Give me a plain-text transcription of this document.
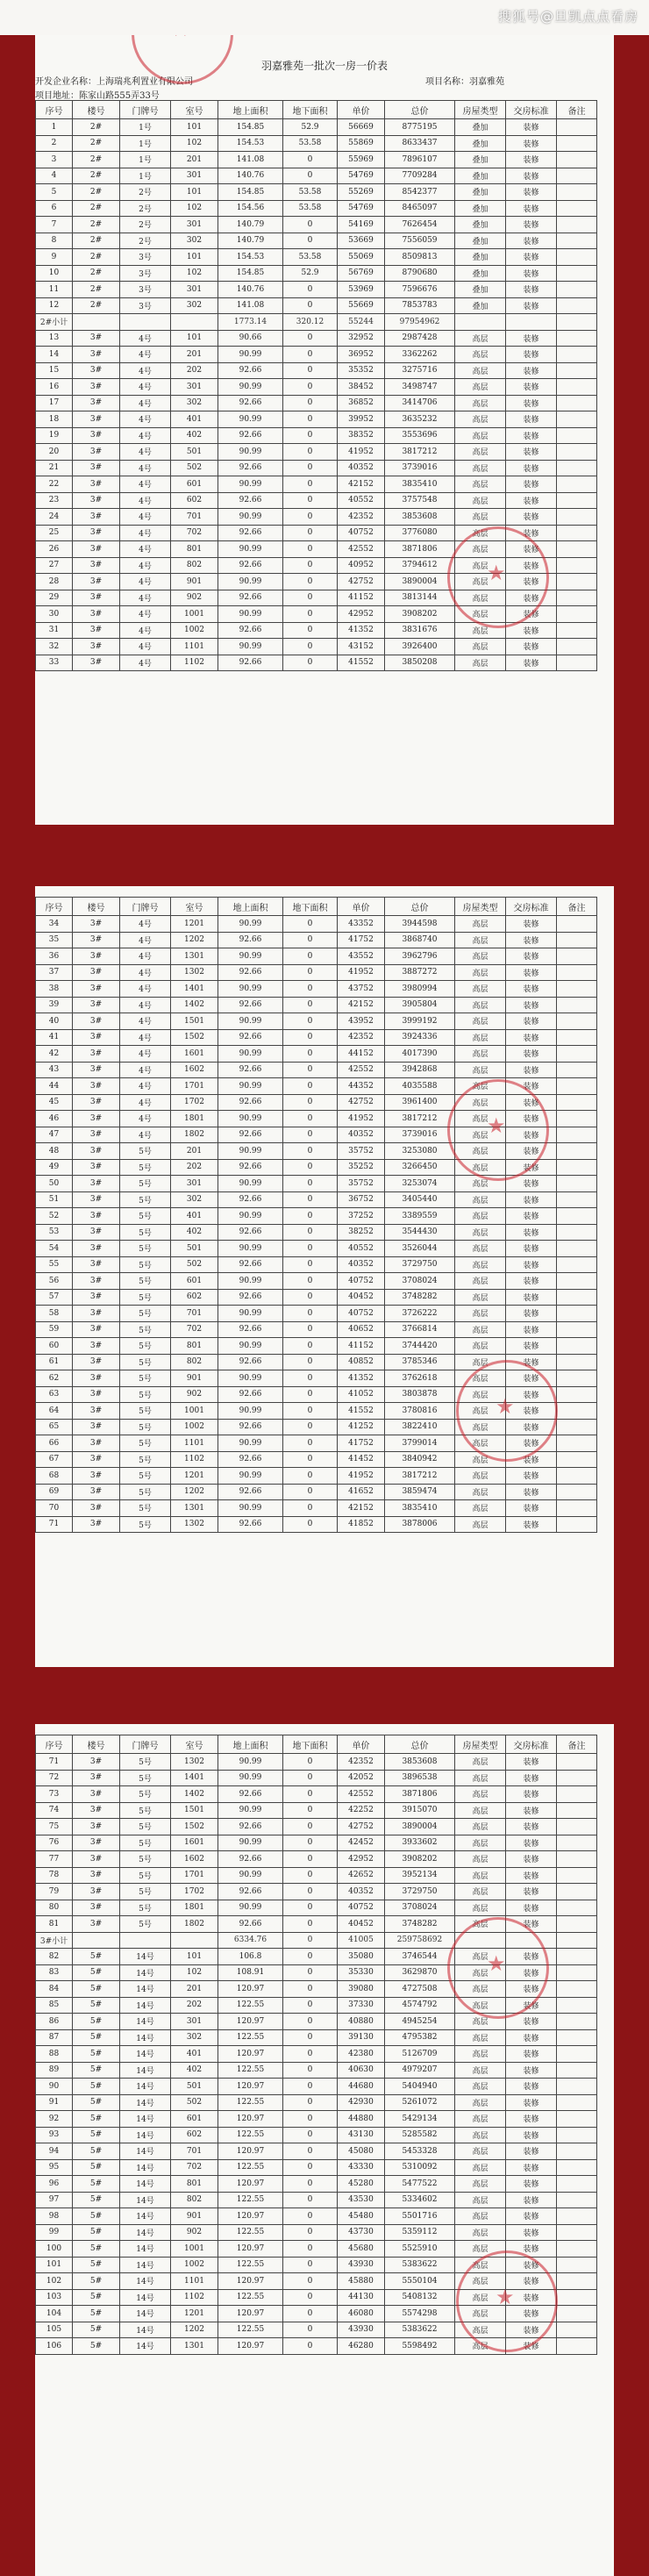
搜狐号@旦凯点点看房
羽嘉雅苑一批次一房一价表
开发企业名称：上海瑞兆利置业有限公司	项目名称：羽嘉雅苑
项目地址：陈家山路555弄33号
序号	楼号	门牌号	室号	地上面积	地下面积	单价	总价	房屋类型	交房标准	备注
1	2#	1号	101	154.85	52.9	56669	8775195	叠加	装修	
2	2#	1号	102	154.53	53.58	55869	8633437	叠加	装修	
3	2#	1号	201	141.08	0	55969	7896107	叠加	装修	
4	2#	1号	301	140.76	0	54769	7709284	叠加	装修	
5	2#	2号	101	154.85	53.58	55269	8542377	叠加	装修	
6	2#	2号	102	154.56	53.58	54769	8465097	叠加	装修	
7	2#	2号	301	140.79	0	54169	7626454	叠加	装修	
8	2#	2号	302	140.79	0	53669	7556059	叠加	装修	
9	2#	3号	101	154.53	53.58	55069	8509813	叠加	装修	
10	2#	3号	102	154.85	52.9	56769	8790680	叠加	装修	
11	2#	3号	301	140.76	0	53969	7596676	叠加	装修	
12	2#	3号	302	141.08	0	55669	7853783	叠加	装修	
2#小计				1773.14	320.12	55244	97954962			
13	3#	4号	101	90.66	0	32952	2987428	高层	装修	
14	3#	4号	201	90.99	0	36952	3362262	高层	装修	
15	3#	4号	202	92.66	0	35352	3275716	高层	装修	
16	3#	4号	301	90.99	0	38452	3498747	高层	装修	
17	3#	4号	302	92.66	0	36852	3414706	高层	装修	
18	3#	4号	401	90.99	0	39952	3635232	高层	装修	
19	3#	4号	402	92.66	0	38352	3553696	高层	装修	
20	3#	4号	501	90.99	0	41952	3817212	高层	装修	
21	3#	4号	502	92.66	0	40352	3739016	高层	装修	
22	3#	4号	601	90.99	0	42152	3835410	高层	装修	
23	3#	4号	602	92.66	0	40552	3757548	高层	装修	
24	3#	4号	701	90.99	0	42352	3853608	高层	装修	
25	3#	4号	702	92.66	0	40752	3776080	高层	装修	
26	3#	4号	801	90.99	0	42552	3871806	高层	装修	
27	3#	4号	802	92.66	0	40952	3794612	高层	装修	
28	3#	4号	901	90.99	0	42752	3890004	高层	装修	
29	3#	4号	902	92.66	0	41152	3813144	高层	装修	
30	3#	4号	1001	90.99	0	42952	3908202	高层	装修	
31	3#	4号	1002	92.66	0	41352	3831676	高层	装修	
32	3#	4号	1101	90.99	0	43152	3926400	高层	装修	
33	3#	4号	1102	92.66	0	41552	3850208	高层	装修	
★
★
序号	楼号	门牌号	室号	地上面积	地下面积	单价	总价	房屋类型	交房标准	备注
34	3#	4号	1201	90.99	0	43352	3944598	高层	装修	
35	3#	4号	1202	92.66	0	41752	3868740	高层	装修	
36	3#	4号	1301	90.99	0	43552	3962796	高层	装修	
37	3#	4号	1302	92.66	0	41952	3887272	高层	装修	
38	3#	4号	1401	90.99	0	43752	3980994	高层	装修	
39	3#	4号	1402	92.66	0	42152	3905804	高层	装修	
40	3#	4号	1501	90.99	0	43952	3999192	高层	装修	
41	3#	4号	1502	92.66	0	42352	3924336	高层	装修	
42	3#	4号	1601	90.99	0	44152	4017390	高层	装修	
43	3#	4号	1602	92.66	0	42552	3942868	高层	装修	
44	3#	4号	1701	90.99	0	44352	4035588	高层	装修	
45	3#	4号	1702	92.66	0	42752	3961400	高层	装修	
46	3#	4号	1801	90.99	0	41952	3817212	高层	装修	
47	3#	4号	1802	92.66	0	40352	3739016	高层	装修	
48	3#	5号	201	90.99	0	35752	3253080	高层	装修	
49	3#	5号	202	92.66	0	35252	3266450	高层	装修	
50	3#	5号	301	90.99	0	35752	3253074	高层	装修	
51	3#	5号	302	92.66	0	36752	3405440	高层	装修	
52	3#	5号	401	90.99	0	37252	3389559	高层	装修	
53	3#	5号	402	92.66	0	38252	3544430	高层	装修	
54	3#	5号	501	90.99	0	40552	3526044	高层	装修	
55	3#	5号	502	92.66	0	40352	3729750	高层	装修	
56	3#	5号	601	90.99	0	40752	3708024	高层	装修	
57	3#	5号	602	92.66	0	40452	3748282	高层	装修	
58	3#	5号	701	90.99	0	40752	3726222	高层	装修	
59	3#	5号	702	92.66	0	40652	3766814	高层	装修	
60	3#	5号	801	90.99	0	41152	3744420	高层	装修	
61	3#	5号	802	92.66	0	40852	3785346	高层	装修	
62	3#	5号	901	90.99	0	41352	3762618	高层	装修	
63	3#	5号	902	92.66	0	41052	3803878	高层	装修	
64	3#	5号	1001	90.99	0	41552	3780816	高层	装修	
65	3#	5号	1002	92.66	0	41252	3822410	高层	装修	
66	3#	5号	1101	90.99	0	41752	3799014	高层	装修	
67	3#	5号	1102	92.66	0	41452	3840942	高层	装修	
68	3#	5号	1201	90.99	0	41952	3817212	高层	装修	
69	3#	5号	1202	92.66	0	41652	3859474	高层	装修	
70	3#	5号	1301	90.99	0	42152	3835410	高层	装修	
71	3#	5号	1302	92.66	0	41852	3878006	高层	装修	
★
★
序号	楼号	门牌号	室号	地上面积	地下面积	单价	总价	房屋类型	交房标准	备注
71	3#	5号	1302	90.99	0	42352	3853608	高层	装修	
72	3#	5号	1401	90.99	0	42052	3896538	高层	装修	
73	3#	5号	1402	92.66	0	42552	3871806	高层	装修	
74	3#	5号	1501	90.99	0	42252	3915070	高层	装修	
75	3#	5号	1502	92.66	0	42752	3890004	高层	装修	
76	3#	5号	1601	90.99	0	42452	3933602	高层	装修	
77	3#	5号	1602	92.66	0	42952	3908202	高层	装修	
78	3#	5号	1701	90.99	0	42652	3952134	高层	装修	
79	3#	5号	1702	92.66	0	40352	3729750	高层	装修	
80	3#	5号	1801	90.99	0	40752	3708024	高层	装修	
81	3#	5号	1802	92.66	0	40452	3748282	高层	装修	
3#小计				6334.76	0	41005	259758692			
82	5#	14号	101	106.8	0	35080	3746544	高层	装修	
83	5#	14号	102	108.91	0	35330	3629870	高层	装修	
84	5#	14号	201	120.97	0	39080	4727508	高层	装修	
85	5#	14号	202	122.55	0	37330	4574792	高层	装修	
86	5#	14号	301	120.97	0	40880	4945254	高层	装修	
87	5#	14号	302	122.55	0	39130	4795382	高层	装修	
88	5#	14号	401	120.97	0	42380	5126709	高层	装修	
89	5#	14号	402	122.55	0	40630	4979207	高层	装修	
90	5#	14号	501	120.97	0	44680	5404940	高层	装修	
91	5#	14号	502	122.55	0	42930	5261072	高层	装修	
92	5#	14号	601	120.97	0	44880	5429134	高层	装修	
93	5#	14号	602	122.55	0	43130	5285582	高层	装修	
94	5#	14号	701	120.97	0	45080	5453328	高层	装修	
95	5#	14号	702	122.55	0	43330	5310092	高层	装修	
96	5#	14号	801	120.97	0	45280	5477522	高层	装修	
97	5#	14号	802	122.55	0	43530	5334602	高层	装修	
98	5#	14号	901	120.97	0	45480	5501716	高层	装修	
99	5#	14号	902	122.55	0	43730	5359112	高层	装修	
100	5#	14号	1001	120.97	0	45680	5525910	高层	装修	
101	5#	14号	1002	122.55	0	43930	5383622	高层	装修	
102	5#	14号	1101	120.97	0	45880	5550104	高层	装修	
103	5#	14号	1102	122.55	0	44130	5408132	高层	装修	
104	5#	14号	1201	120.97	0	46080	5574298	高层	装修	
105	5#	14号	1202	122.55	0	43930	5383622	高层	装修	
106	5#	14号	1301	120.97	0	46280	5598492	高层	装修	
★
★
